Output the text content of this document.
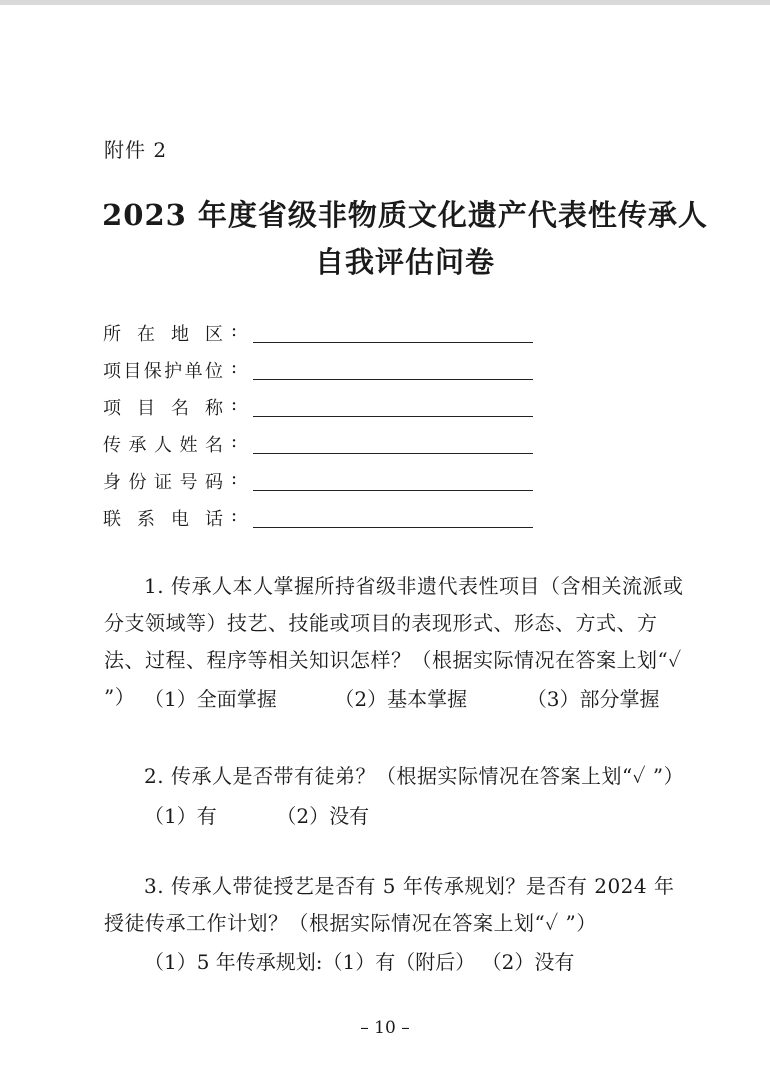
附件 2
2023 年度省级非物质文化遗产代表性传承人
自我评估问卷
所 在 地 区 :
项 目 保 护 单 位 :
项 目 名 称 :
传 承 人 姓 名 :
身 份 证 号 码 :
联 系 电 话 :
1. 传承人本人掌握所持省级非遗代表性项目（含相关流派或分支领域等）技艺、技能或项目的表现形式、形态、方式、方法、过程、程序等相关知识怎样？（根据实际情况在答案上划“✓ ”） （1）全面掌握	（2）基本掌握	（3）部分掌握
2. 传承人是否带有徒弟？（根据实际情况在答案上划“✓ ”）
（1）有	（2）没有
3. 传承人带徒授艺是否有 5 年传承规划？是否有 2024 年授徒传承工作计划？（根据实际情况在答案上划“✓ ”）
（1）5 年传承规划:（1）有（附后） （2）没有
– 10 –
